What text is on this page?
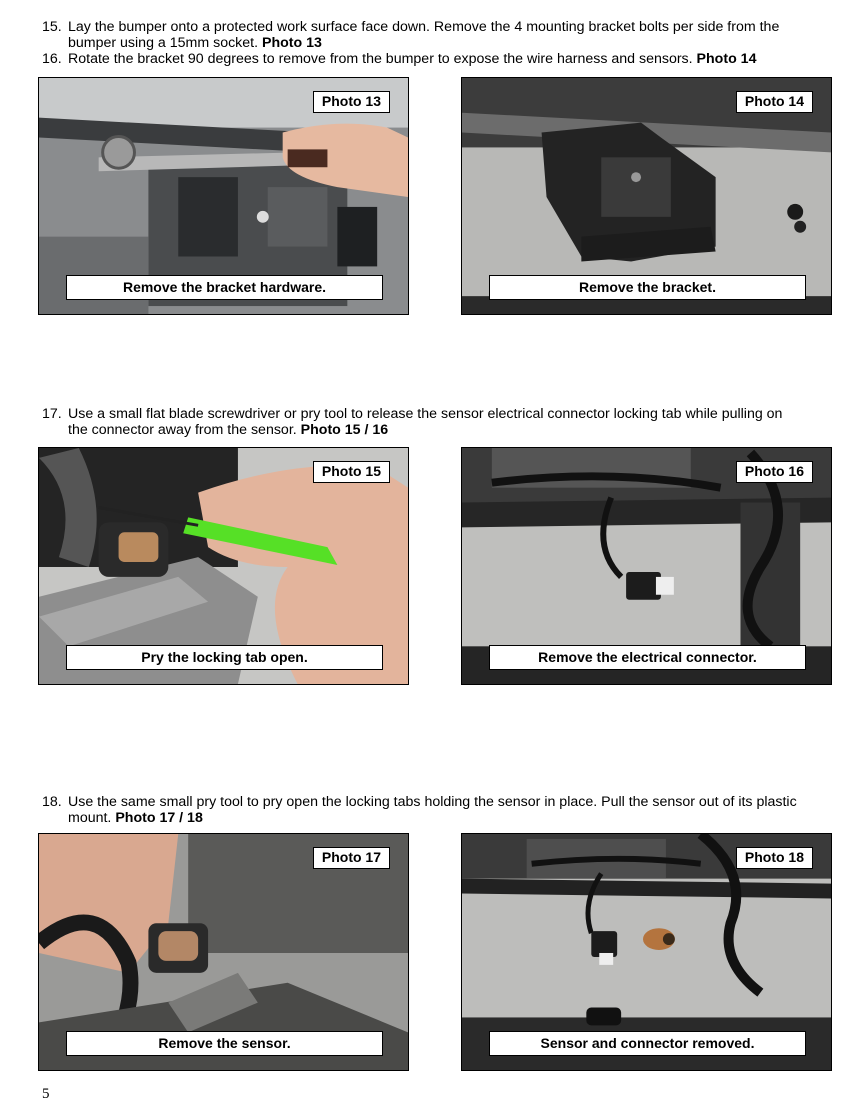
15. Lay the bumper onto a protected work surface face down. Remove the 4 mounting bracket bolts per side from the
bumper using a 15mm socket. Photo 13
16. Rotate the bracket 90 degrees to remove from the bumper to expose the wire harness and sensors. Photo 14
Photo 13
Remove the bracket hardware.
Photo 14
Remove the bracket.
17. Use a small flat blade screwdriver or pry tool to release the sensor electrical connector locking tab while pulling on
the connector away from the sensor. Photo 15 / 16
Photo 15
Pry the locking tab open.
Photo 16
Remove the electrical connector.
18. Use the same small pry tool to pry open the locking tabs holding the sensor in place. Pull the sensor out of its plastic
mount. Photo 17 / 18
Photo 17
Remove the sensor.
Photo 18
Sensor and connector removed.
5
